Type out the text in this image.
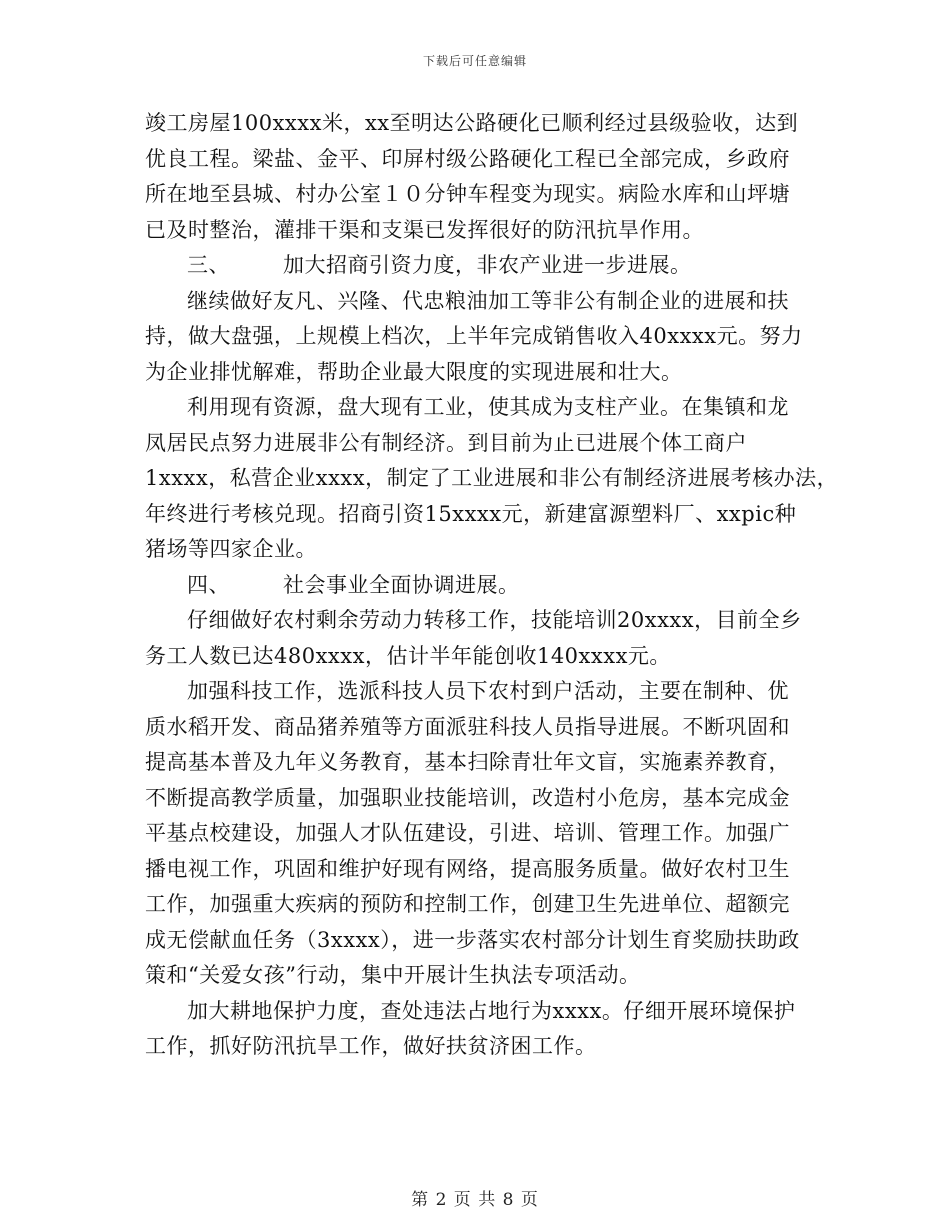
下载后可任意编辑
竣工房屋100xxxx米，xx至明达公路硬化已顺利经过县级验收，达到
优良工程。梁盐、金平、印屏村级公路硬化工程已全部完成，乡政府
所在地至县城、村办公室１０分钟车程变为现实。病险水库和山坪塘
已及时整治，灌排干渠和支渠已发挥很好的防汛抗旱作用。
三、	加大招商引资力度，非农产业进一步进展。
继续做好友凡、兴隆、代忠粮油加工等非公有制企业的进展和扶
持，做大盘强，上规模上档次，上半年完成销售收入40xxxx元。努力
为企业排忧解难，帮助企业最大限度的实现进展和壮大。
利用现有资源，盘大现有工业，使其成为支柱产业。在集镇和龙
凤居民点努力进展非公有制经济。到目前为止已进展个体工商户
1xxxx，私营企业xxxx，制定了工业进展和非公有制经济进展考核办法，
年终进行考核兑现。招商引资15xxxx元，新建富源塑料厂、xxpic种
猪场等四家企业。
四、	社会事业全面协调进展。
仔细做好农村剩余劳动力转移工作，技能培训20xxxx，目前全乡
务工人数已达480xxxx，估计半年能创收140xxxx元。
加强科技工作，选派科技人员下农村到户活动，主要在制种、优
质水稻开发、商品猪养殖等方面派驻科技人员指导进展。不断巩固和
提高基本普及九年义务教育，基本扫除青壮年文盲，实施素养教育，
不断提高教学质量，加强职业技能培训，改造村小危房，基本完成金
平基点校建设，加强人才队伍建设，引进、培训、管理工作。加强广
播电视工作，巩固和维护好现有网络，提高服务质量。做好农村卫生
工作，加强重大疾病的预防和控制工作，创建卫生先进单位、超额完
成无偿献血任务（3xxxx），进一步落实农村部分计划生育奖励扶助政
策和“关爱女孩”行动，集中开展计生执法专项活动。
加大耕地保护力度，查处违法占地行为xxxx。仔细开展环境保护
工作，抓好防汛抗旱工作，做好扶贫济困工作。
第 2 页 共 8 页
